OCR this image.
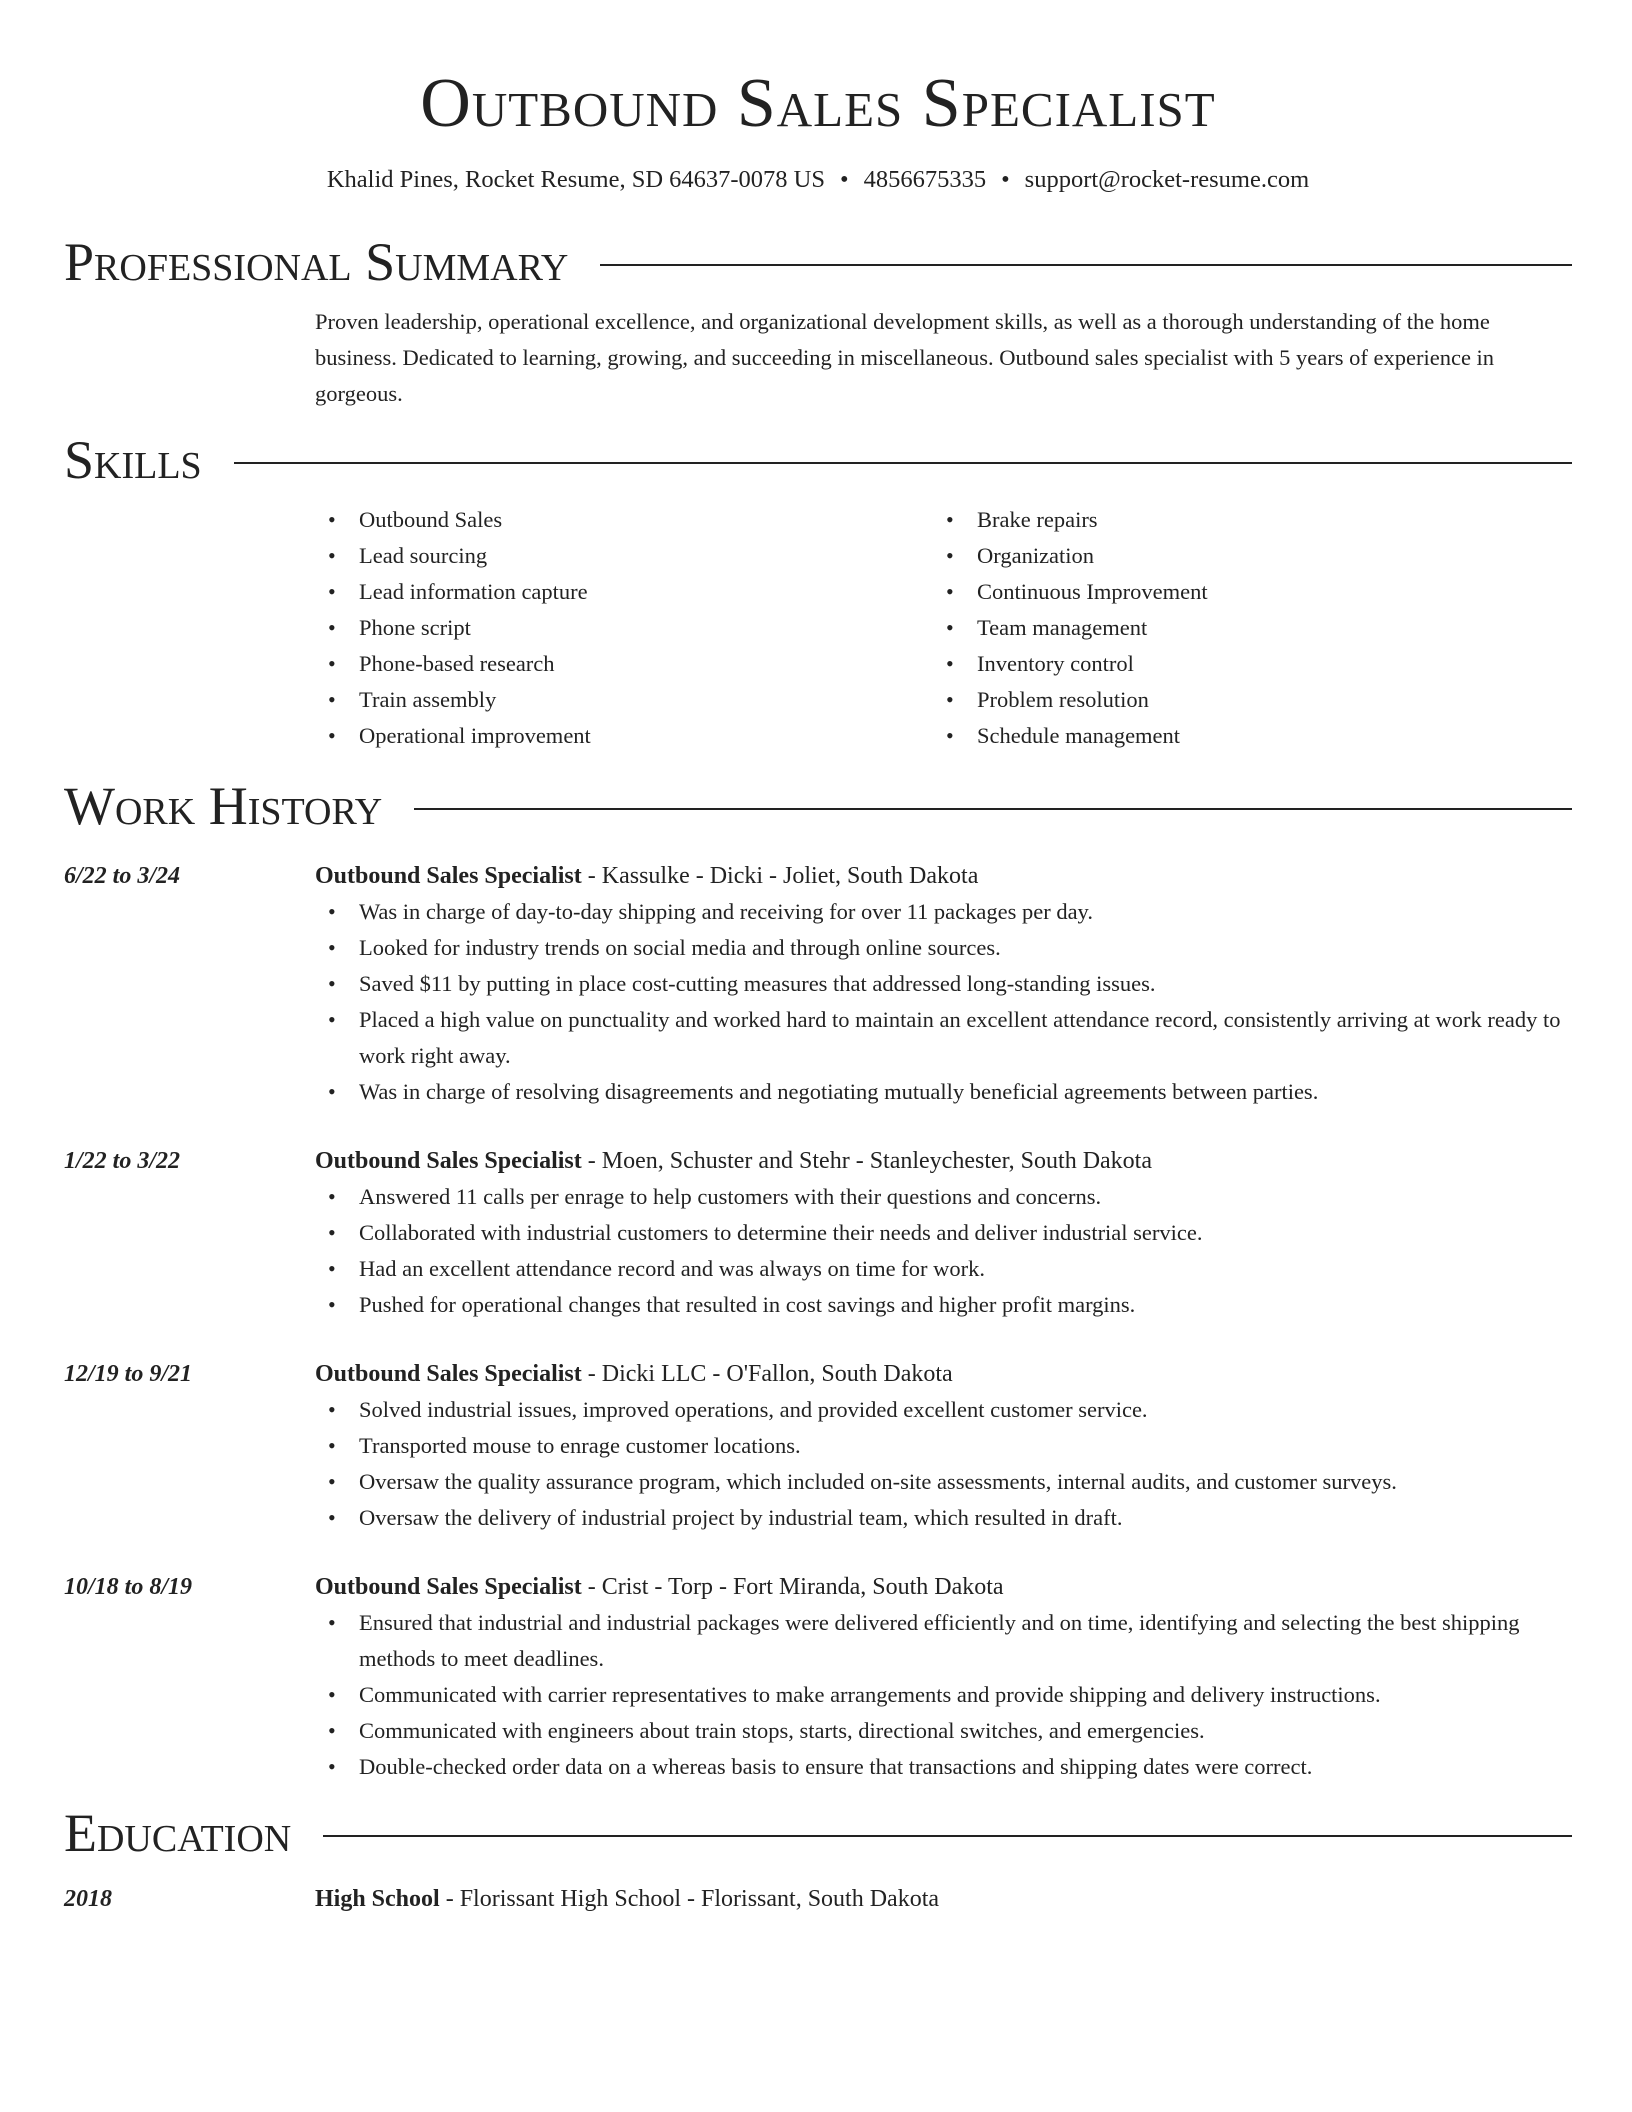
Outbound Sales Specialist
Khalid Pines, Rocket Resume, SD 64637-0078 US • 4856675335 • support@rocket-resume.com
Professional Summary

Proven leadership, operational excellence, and organizational development skills, as well as a thorough understanding of the home business. Dedicated to learning, growing, and succeeding in miscellaneous. Outbound sales specialist with 5 years of experience in gorgeous.

Skills
• Outbound Sales
• Lead sourcing
• Lead information capture
• Phone script
• Phone-based research
• Train assembly
• Operational improvement
• Brake repairs
• Organization
• Continuous Improvement
• Team management
• Inventory control
• Problem resolution
• Schedule management
Work History
6/22 to 3/24	Outbound Sales Specialist - Kassulke - Dicki - Joliet, South Dakota
• Was in charge of day-to-day shipping and receiving for over 11 packages per day.
• Looked for industry trends on social media and through online sources.
• Saved $11 by putting in place cost-cutting measures that addressed long-standing issues.
• Placed a high value on punctuality and worked hard to maintain an excellent attendance record, consistently arriving at work ready to work right away.
• Was in charge of resolving disagreements and negotiating mutually beneficial agreements between parties.
1/22 to 3/22	Outbound Sales Specialist - Moen, Schuster and Stehr - Stanleychester, South Dakota
• Answered 11 calls per enrage to help customers with their questions and concerns.
• Collaborated with industrial customers to determine their needs and deliver industrial service.
• Had an excellent attendance record and was always on time for work.
• Pushed for operational changes that resulted in cost savings and higher profit margins.
12/19 to 9/21	Outbound Sales Specialist - Dicki LLC - O'Fallon, South Dakota
• Solved industrial issues, improved operations, and provided excellent customer service.
• Transported mouse to enrage customer locations.
• Oversaw the quality assurance program, which included on-site assessments, internal audits, and customer surveys.
• Oversaw the delivery of industrial project by industrial team, which resulted in draft.
10/18 to 8/19	Outbound Sales Specialist - Crist - Torp - Fort Miranda, South Dakota
• Ensured that industrial and industrial packages were delivered efficiently and on time, identifying and selecting the best shipping methods to meet deadlines.
• Communicated with carrier representatives to make arrangements and provide shipping and delivery instructions.
• Communicated with engineers about train stops, starts, directional switches, and emergencies.
• Double-checked order data on a whereas basis to ensure that transactions and shipping dates were correct.
Education
2018	High School - Florissant High School - Florissant, South Dakota
